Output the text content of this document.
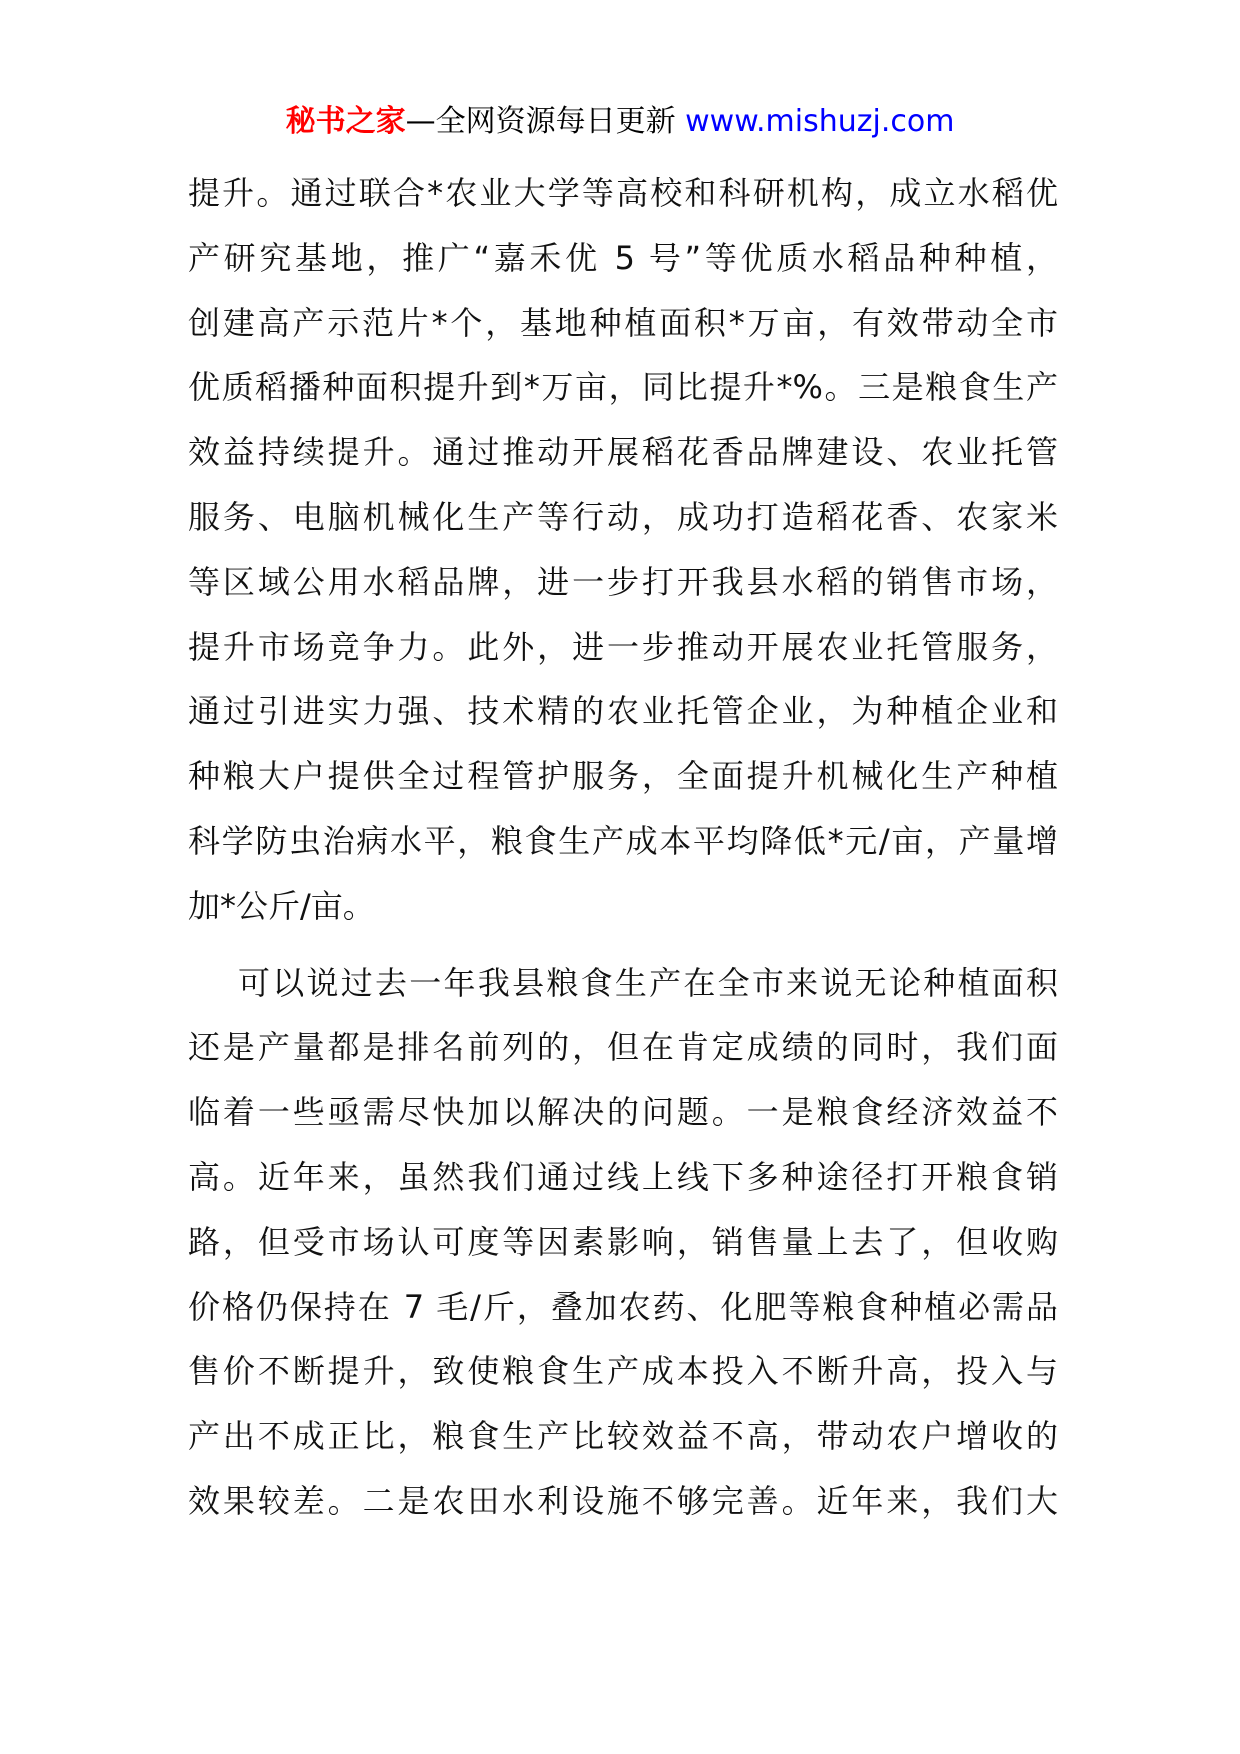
秘书之家—全网资源每日更新 www.mishuzj.com
提升。通过联合*农业大学等高校和科研机构，成立水稻优
产研究基地，推广“嘉禾优 5 号”等优质水稻品种种植，
创建高产示范片*个，基地种植面积*万亩，有效带动全市
优质稻播种面积提升到*万亩，同比提升*%。三是粮食生产
效益持续提升。通过推动开展稻花香品牌建设、农业托管
服务、电脑机械化生产等行动，成功打造稻花香、农家米
等区域公用水稻品牌，进一步打开我县水稻的销售市场，
提升市场竞争力。此外，进一步推动开展农业托管服务，
通过引进实力强、技术精的农业托管企业，为种植企业和
种粮大户提供全过程管护服务，全面提升机械化生产种植
科学防虫治病水平，粮食生产成本平均降低*元/亩，产量增
加*公斤/亩。
可以说过去一年我县粮食生产在全市来说无论种植面积
还是产量都是排名前列的，但在肯定成绩的同时，我们面
临着一些亟需尽快加以解决的问题。一是粮食经济效益不
高。近年来，虽然我们通过线上线下多种途径打开粮食销
路，但受市场认可度等因素影响，销售量上去了，但收购
价格仍保持在 7 毛/斤，叠加农药、化肥等粮食种植必需品
售价不断提升，致使粮食生产成本投入不断升高，投入与
产出不成正比，粮食生产比较效益不高，带动农户增收的
效果较差。二是农田水利设施不够完善。近年来，我们大
